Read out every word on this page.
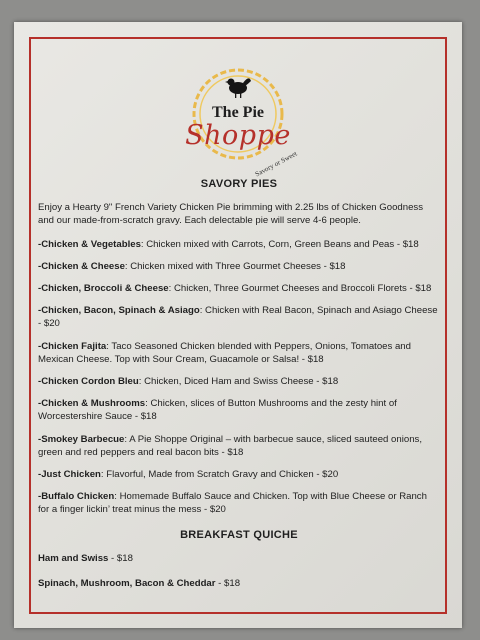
The Pie
Shoppe
Savory or Sweet
SAVORY PIES
Enjoy a Hearty 9" French Variety Chicken Pie brimming with 2.25 lbs of Chicken Goodness and our made-from-scratch gravy. Each delectable pie will serve 4-6 people.
-Chicken & Vegetables: Chicken mixed with Carrots, Corn, Green Beans and Peas - $18
-Chicken & Cheese: Chicken mixed with Three Gourmet Cheeses - $18
-Chicken, Broccoli & Cheese: Chicken, Three Gourmet Cheeses and Broccoli Florets - $18
-Chicken, Bacon, Spinach & Asiago: Chicken with Real Bacon, Spinach and Asiago Cheese - $20
-Chicken Fajita: Taco Seasoned Chicken blended with Peppers, Onions, Tomatoes and Mexican Cheese. Top with Sour Cream, Guacamole or Salsa! - $18
-Chicken Cordon Bleu: Chicken, Diced Ham and Swiss Cheese - $18
-Chicken & Mushrooms: Chicken, slices of Button Mushrooms and the zesty hint of Worcestershire Sauce - $18
-Smokey Barbecue: A Pie Shoppe Original – with barbecue sauce, sliced sauteed onions, green and red peppers and real bacon bits - $18
-Just Chicken: Flavorful, Made from Scratch Gravy and Chicken - $20
-Buffalo Chicken: Homemade Buffalo Sauce and Chicken. Top with Blue Cheese or Ranch for a finger lickin’ treat minus the mess - $20
BREAKFAST QUICHE
Ham and Swiss - $18
Spinach, Mushroom, Bacon & Cheddar - $18
